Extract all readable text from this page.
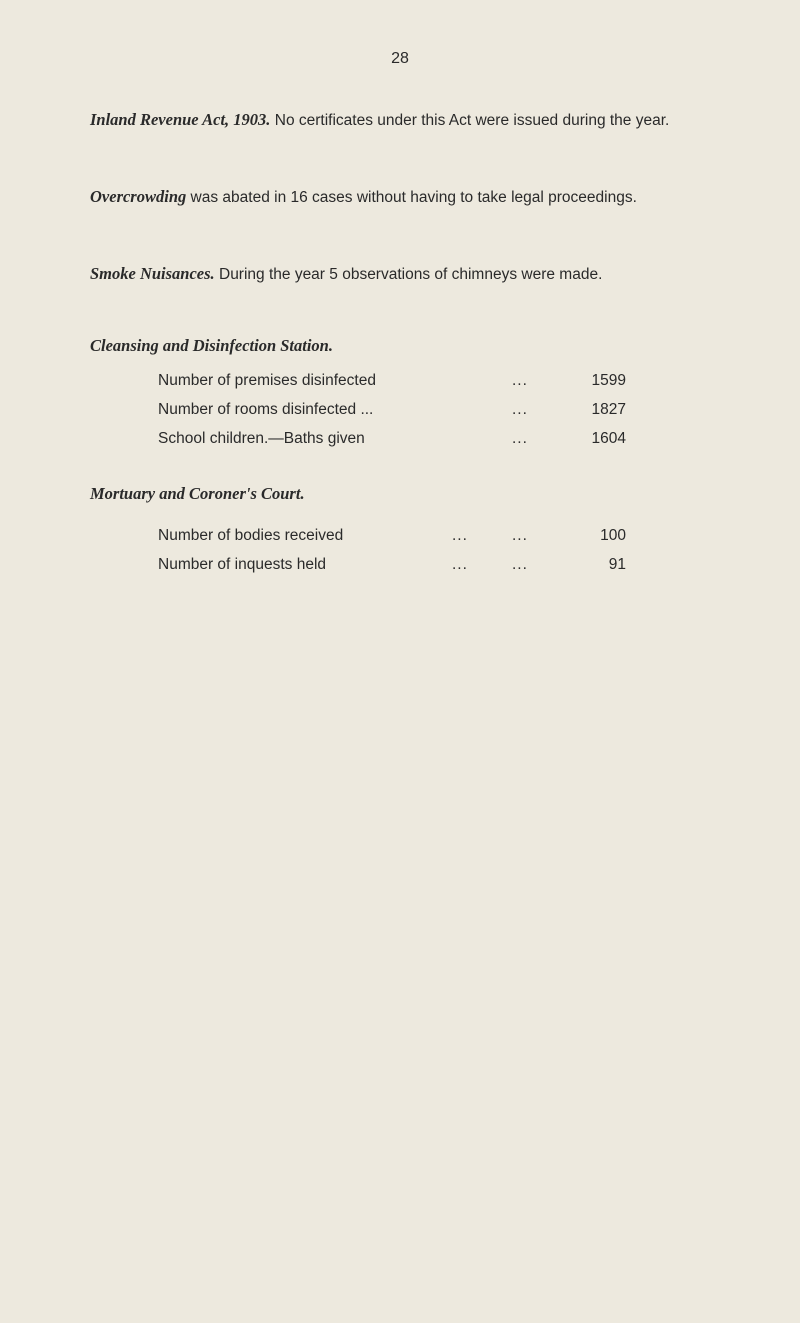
28

Inland Revenue Act, 1903. No certificates under this Act were issued during the year.

Overcrowding was abated in 16 cases without having to take legal proceedings.

Smoke Nuisances. During the year 5 observations of chimneys were made.

Cleansing and Disinfection Station.
Number of premises disinfected	...	1599
Number of rooms disinfected ...	...	1827
School children.—Baths given	...	1604
Mortuary and Coroner's Court.
Number of bodies received	...	...	100
Number of inquests held	...	...	91
